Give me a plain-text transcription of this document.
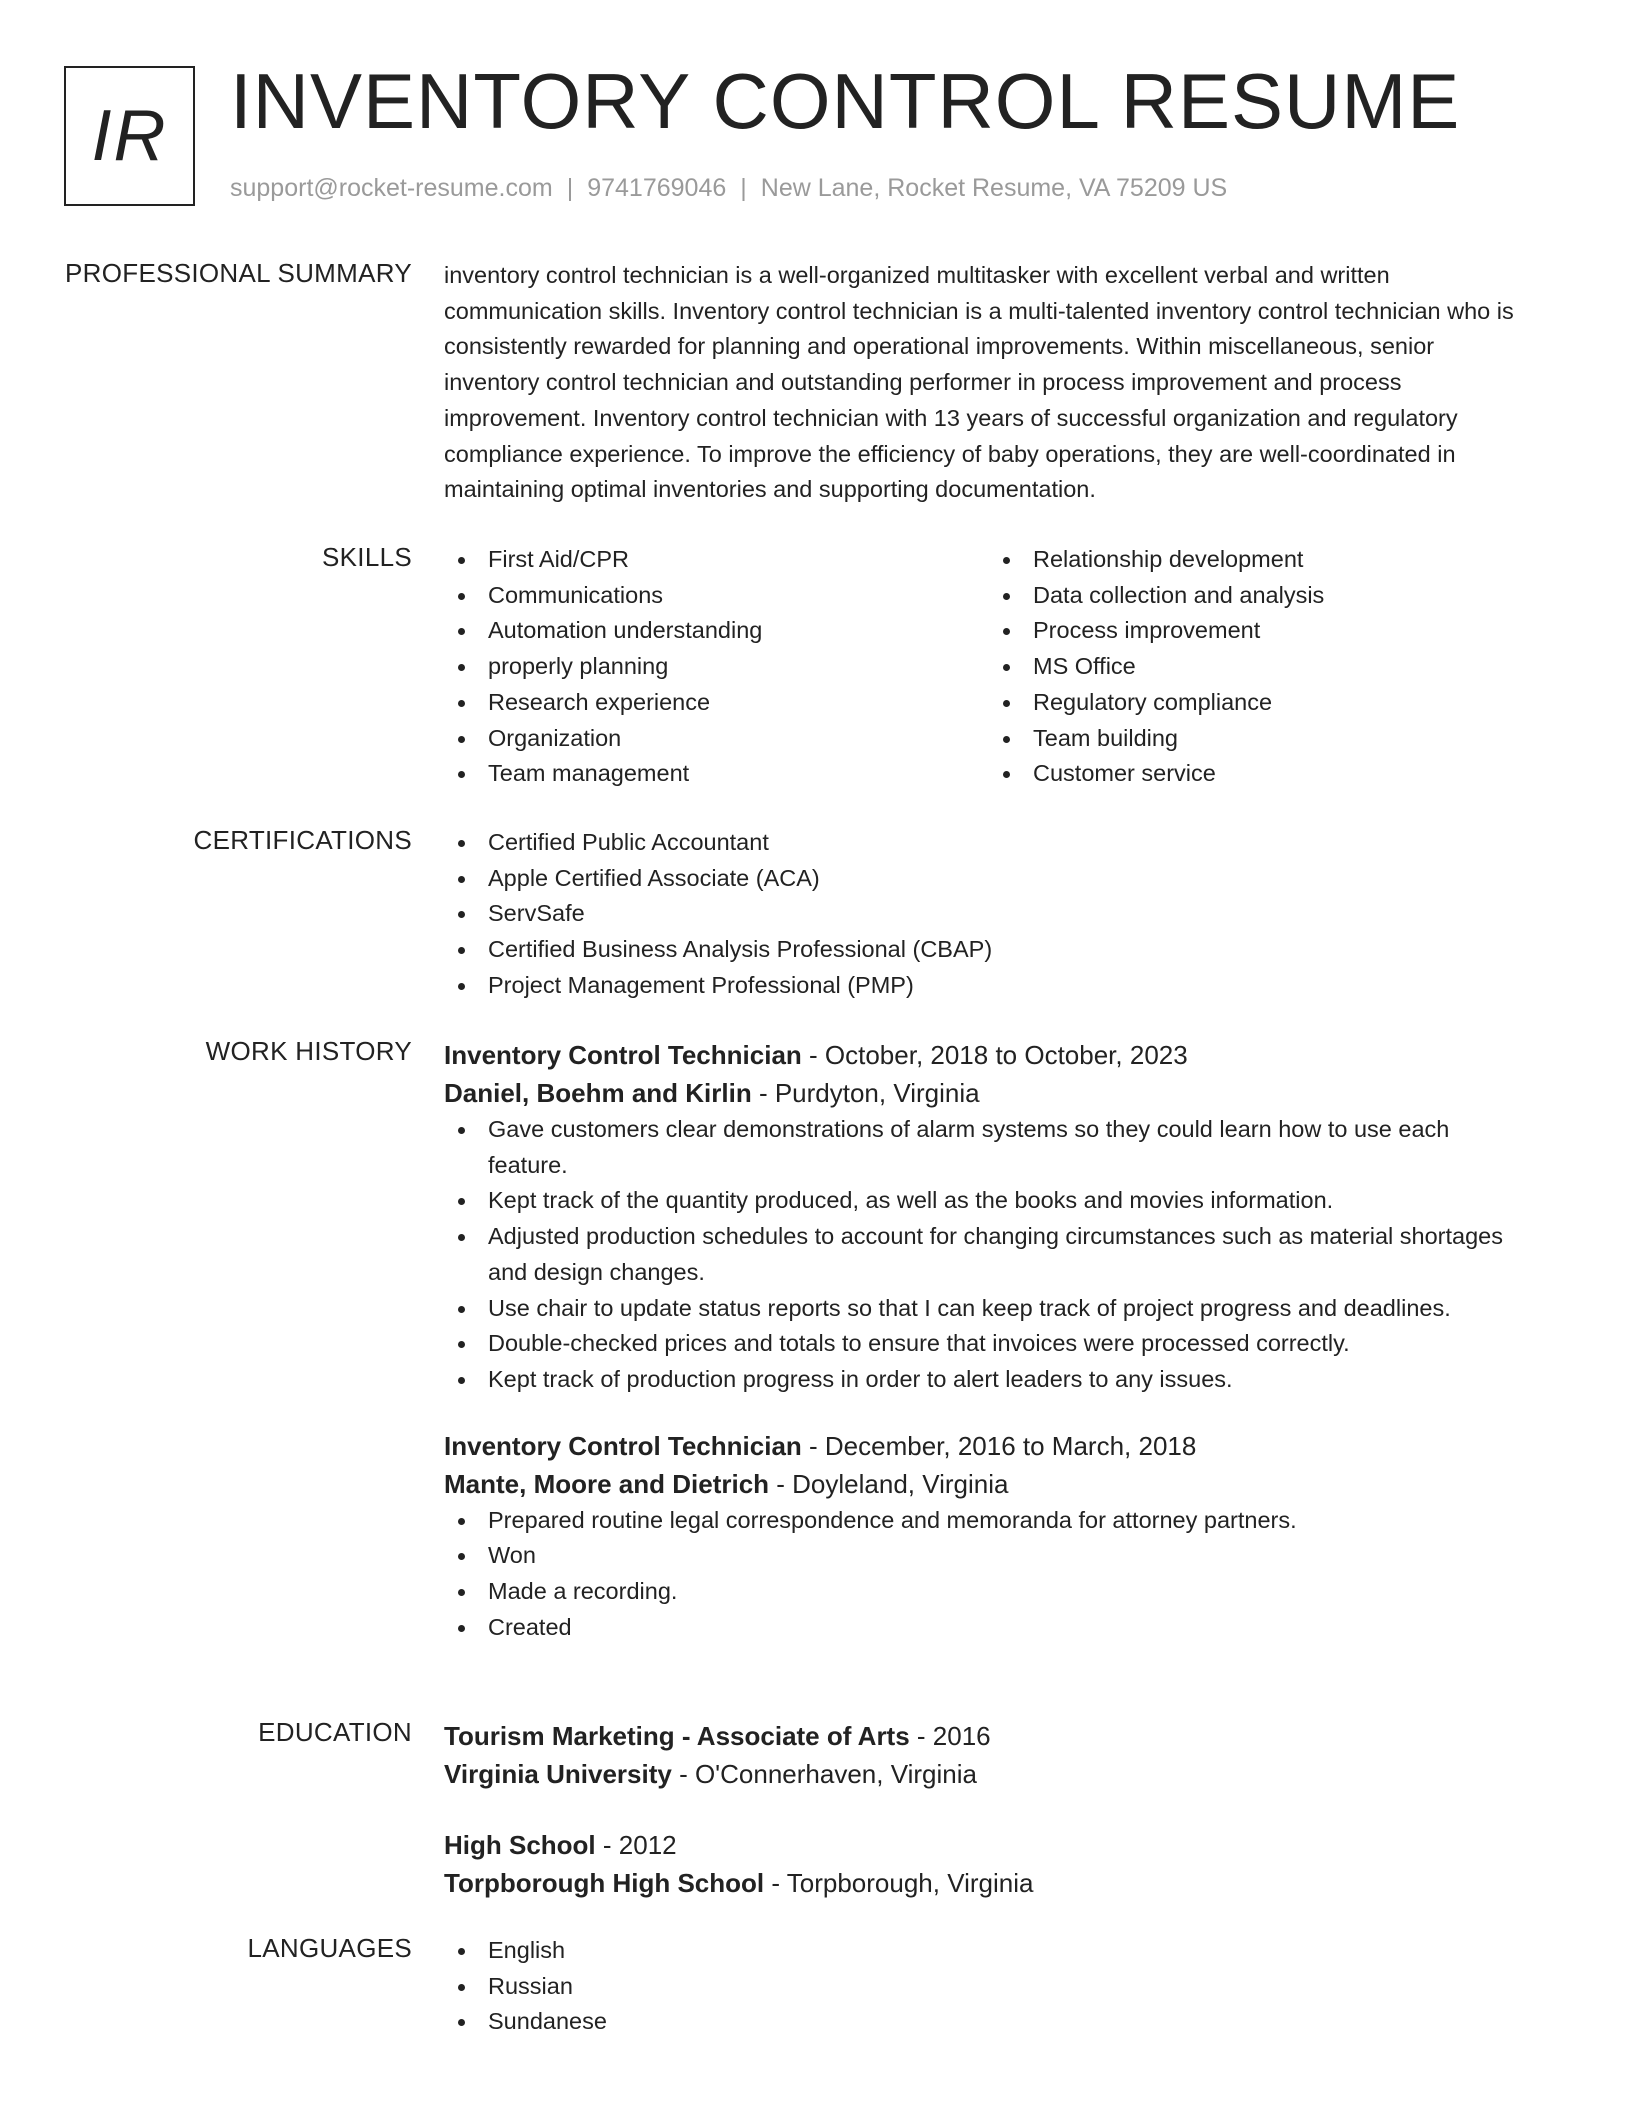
IR INVENTORY CONTROL RESUME
support@rocket-resume.com | 9741769046 | New Lane, Rocket Resume, VA 75209 US
PROFESSIONAL SUMMARY inventory control technician is a well-organized multitasker with excellent verbal and written communication skills. Inventory control technician is a multi-talented inventory control technician who is consistently rewarded for planning and operational improvements. Within miscellaneous, senior inventory control technician and outstanding performer in process improvement and process improvement. Inventory control technician with 13 years of successful organization and regulatory compliance experience. To improve the efficiency of baby operations, they are well-coordinated in maintaining optimal inventories and supporting documentation.
SKILLS	First Aid/CPR
Communications
Automation understanding
properly planning
Research experience
Organization
Team management
Relationship development
Data collection and analysis
Process improvement
MS Office
Regulatory compliance
Team building
Customer service
CERTIFICATIONS	Certified Public Accountant
Apple Certified Associate (ACA)
ServSafe
Certified Business Analysis Professional (CBAP)
Project Management Professional (PMP)
WORK HISTORY Inventory Control Technician - October, 2018 to October, 2023
Daniel, Boehm and Kirlin - Purdyton, Virginia
Gave customers clear demonstrations of alarm systems so they could learn how to use each feature.
Kept track of the quantity produced, as well as the books and movies information.
Adjusted production schedules to account for changing circumstances such as material shortages and design changes.
Use chair to update status reports so that I can keep track of project progress and deadlines.
Double-checked prices and totals to ensure that invoices were processed correctly.
Kept track of production progress in order to alert leaders to any issues.
Inventory Control Technician - December, 2016 to March, 2018
Mante, Moore and Dietrich - Doyleland, Virginia
Prepared routine legal correspondence and memoranda for attorney partners.
Won
Made a recording.
Created
EDUCATION Tourism Marketing - Associate of Arts - 2016
Virginia University - O'Connerhaven, Virginia
High School - 2012
Torpborough High School - Torpborough, Virginia
LANGUAGES	English
Russian
Sundanese
